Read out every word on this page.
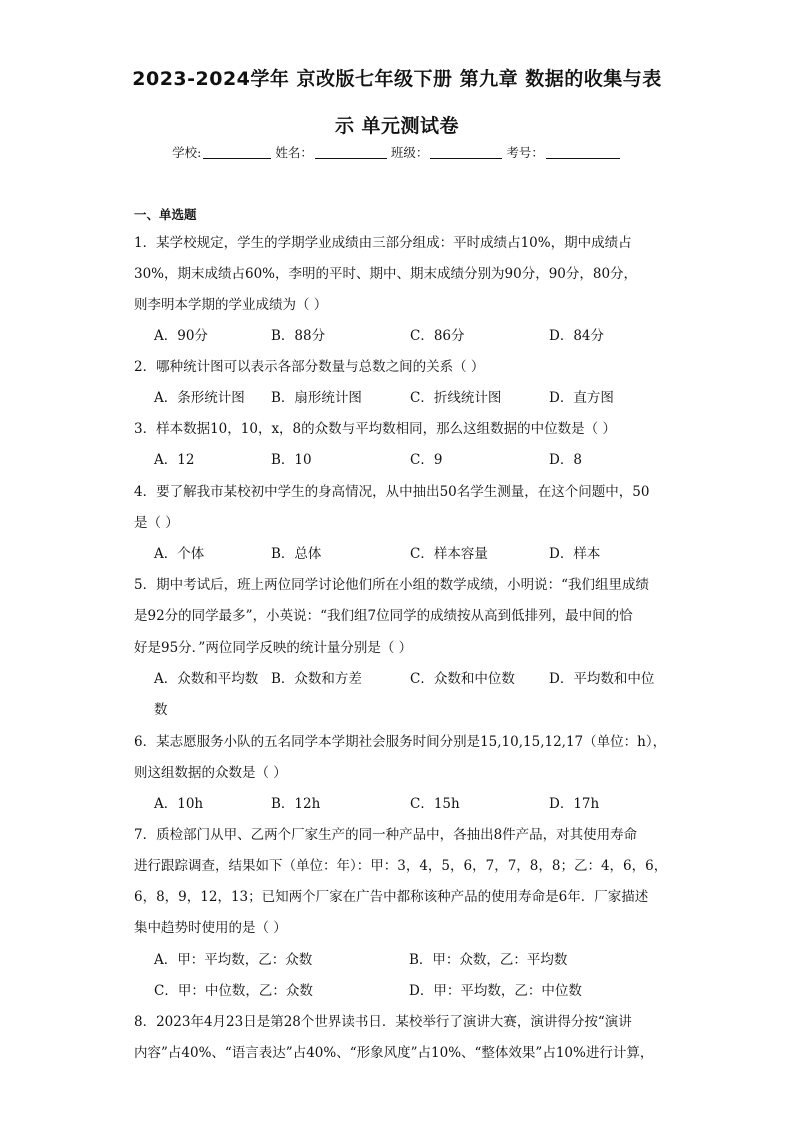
2023-2024学年 京改版七年级下册 第九章 数据的收集与表
示 单元测试卷
学校:	姓名：	班级：	考号：
一、单选题
1．某学校规定，学生的学期学业成绩由三部分组成：平时成绩占10%，期中成绩占
30%，期末成绩占60%，李明的平时、期中、期末成绩分别为90分，90分，80分，
则李明本学期的学业成绩为（ ）
A．90分	B．88分	C．86分	D．84分
2．哪种统计图可以表示各部分数量与总数之间的关系（ ）
A．条形统计图 B．扇形统计图	C．折线统计图	D．直方图
3．样本数据10，10，x，8的众数与平均数相同，那么这组数据的中位数是（ ）
A．12	B．10	C．9	D．8
4．要了解我市某校初中学生的身高情况，从中抽出50名学生测量，在这个问题中，50
是（ ）
A．个体	B．总体	C．样本容量	D．样本
5．期中考试后，班上两位同学讨论他们所在小组的数学成绩，小明说：“我们组里成绩
是92分的同学最多”，小英说：“我们组7位同学的成绩按从高到低排列，最中间的恰
好是95分．”两位同学反映的统计量分别是（ ）
A．众数和平均数 B．众数和方差	C．众数和中位数	D．平均数和中位
数
6．某志愿服务小队的五名同学本学期社会服务时间分别是15,10,15,12,17（单位：h），
则这组数据的众数是（ ）
A．10h	B．12h	C．15h	D．17h
7．质检部门从甲、乙两个厂家生产的同一种产品中，各抽出8件产品，对其使用寿命
进行跟踪调查，结果如下（单位：年）：甲：3，4，5，6，7，7，8，8；乙：4，6，6，
6，8，9，12，13；已知两个厂家在广告中都称该种产品的使用寿命是6年．厂家描述
集中趋势时使用的是（ ）
A．甲：平均数，乙：众数	B．甲：众数，乙：平均数
C．甲：中位数，乙：众数	D．甲：平均数，乙：中位数
8．2023年4月23日是第28个世界读书日．某校举行了演讲大赛，演讲得分按“演讲
内容”占40%、“语言表达”占40%、“形象风度”占10%、“整体效果”占10%进行计算，
